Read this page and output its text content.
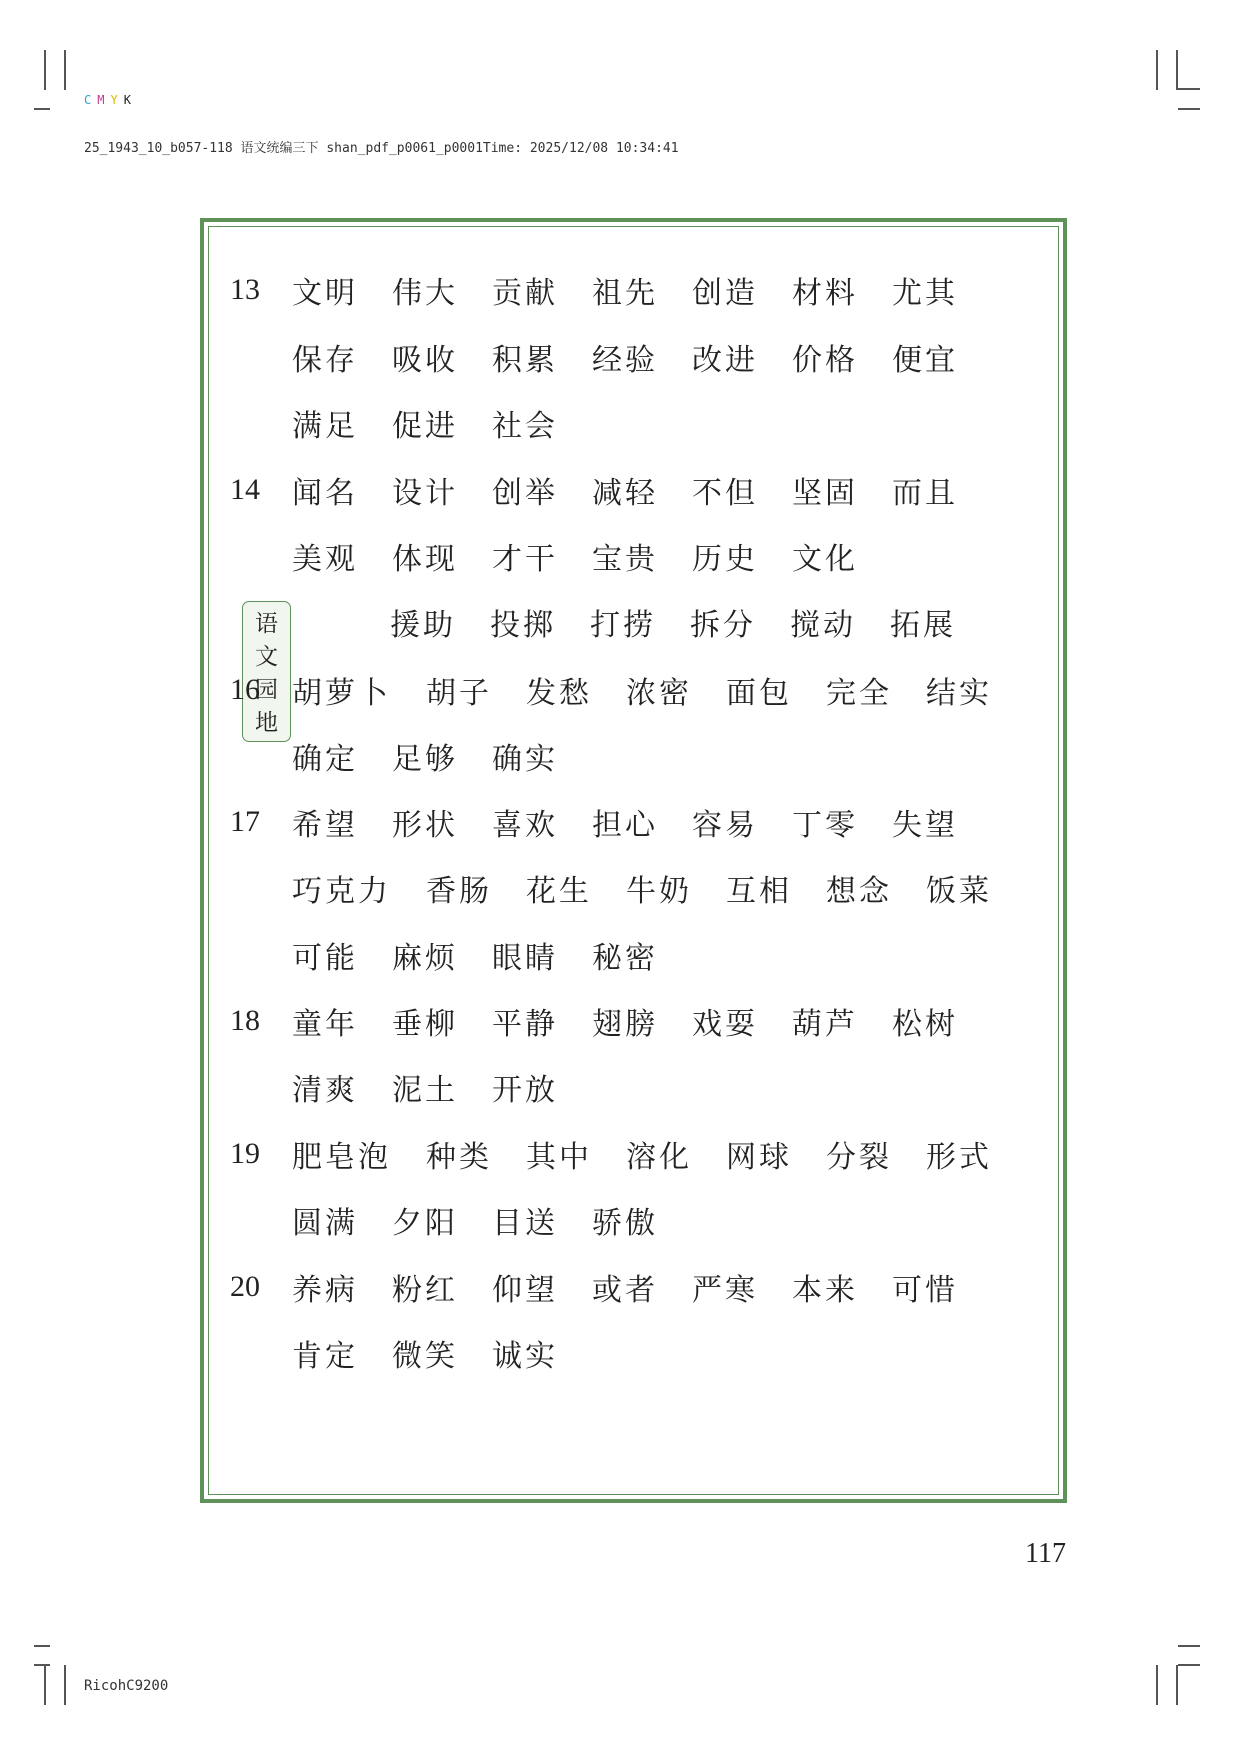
C M Y K

25_1943_10_b057-118 语文统编三下 shan_pdf_p0061_p0001Time: 2025/12/08 10:34:41

13	文明	伟大	贡献	祖先	创造	材料	尤其
保存	吸收	积累	经验	改进	价格	便宜
满足	促进	社会
14	闻名	设计	创举	减轻	不但	坚固	而且
美观	体现	才干	宝贵	历史	文化
语文园地
援助	投掷	打捞	拆分	搅动	拓展
16	胡萝卜	胡子	发愁	浓密	面包	完全	结实
确定	足够	确实
17	希望	形状	喜欢	担心	容易	丁零	失望
巧克力	香肠	花生	牛奶	互相	想念	饭菜
可能	麻烦	眼睛	秘密
18	童年	垂柳	平静	翅膀	戏耍	葫芦	松树
清爽	泥土	开放
19	肥皂泡	种类	其中	溶化	网球	分裂	形式
圆满	夕阳	目送	骄傲
20	养病	粉红	仰望	或者	严寒	本来	可惜
肯定	微笑	诚实
117
RicohC9200
